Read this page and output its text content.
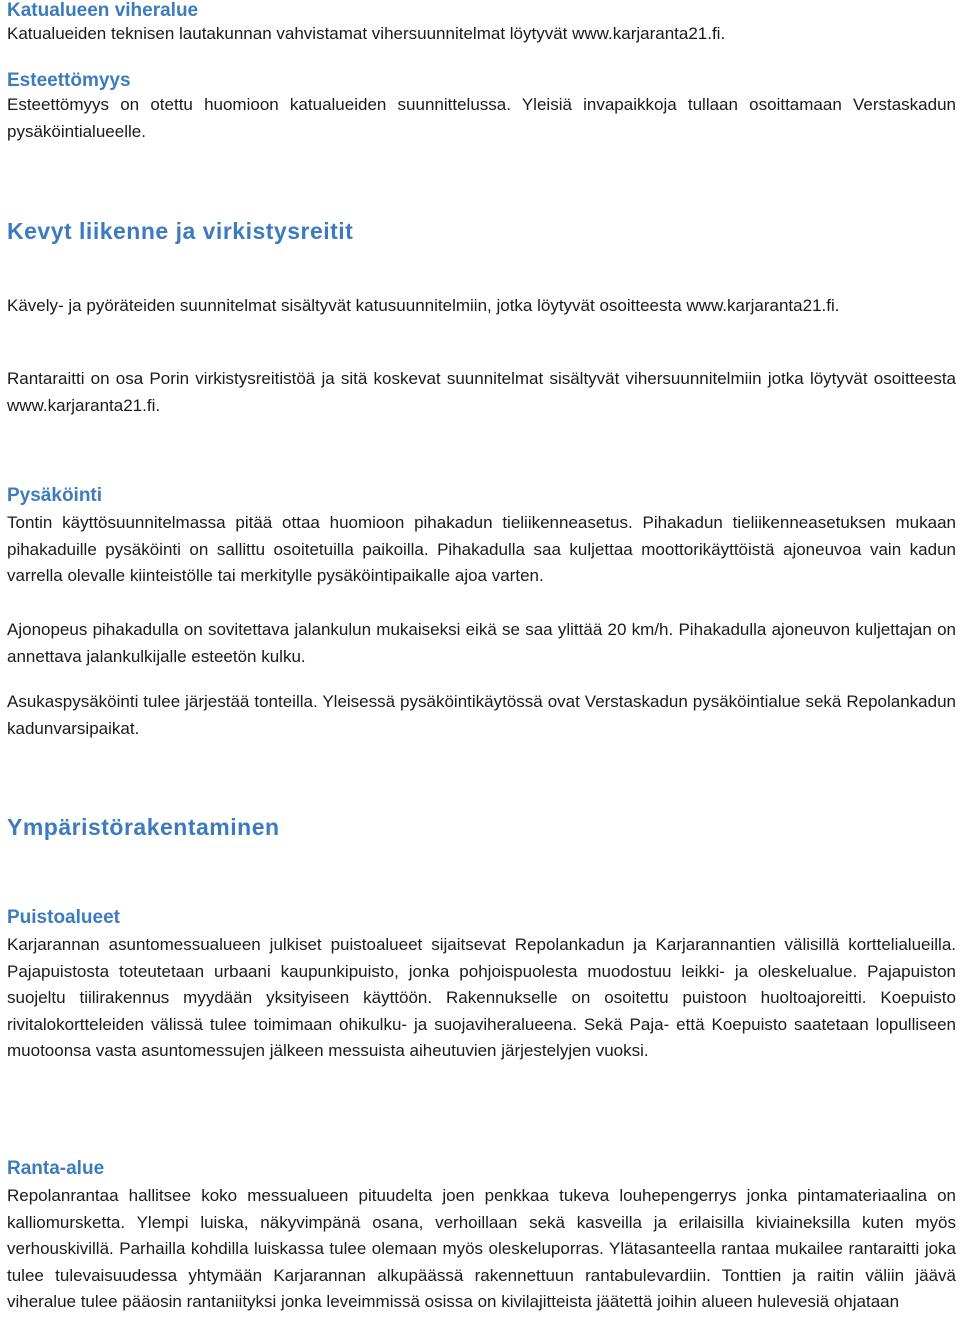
Katualueen viheralue

Katualueiden teknisen lautakunnan vahvistamat vihersuunnitelmat löytyvät www.karjaranta21.fi.

Esteettömyys

Esteettömyys on otettu huomioon katualueiden suunnittelussa. Yleisiä invapaikkoja tullaan osoittamaan Verstaskadun pysäköintialueelle.

Kevyt liikenne ja virkistysreitit

Kävely- ja pyöräteiden suunnitelmat sisältyvät katusuunnitelmiin, jotka löytyvät osoitteesta www.karjaranta21.fi.

Rantaraitti on osa Porin virkistysreitistöä ja sitä koskevat suunnitelmat sisältyvät vihersuunnitelmiin jotka löytyvät osoitteesta www.karjaranta21.fi.

Pysäköinti

Tontin käyttösuunnitelmassa pitää ottaa huomioon pihakadun tieliikenneasetus. Pihakadun tieliikenneasetuksen mukaan pihakaduille pysäköinti on sallittu osoitetuilla paikoilla. Pihakadulla saa kuljettaa moottorikäyttöistä ajoneuvoa vain kadun varrella olevalle kiinteistölle tai merkitylle pysäköintipaikalle ajoa varten.

Ajonopeus pihakadulla on sovitettava jalankulun mukaiseksi eikä se saa ylittää 20 km/h. Pihakadulla ajoneuvon kuljettajan on annettava jalankulkijalle esteetön kulku.

Asukaspysäköinti tulee järjestää tonteilla. Yleisessä pysäköintikäytössä ovat Verstaskadun pysäköintialue sekä Repolankadun kadunvarsipaikat.

Ympäristörakentaminen
Puistoalueet

Karjarannan asuntomessualueen julkiset puistoalueet sijaitsevat Repolankadun ja Karjarannantien välisillä korttelialueilla. Pajapuistosta toteutetaan urbaani kaupunkipuisto, jonka pohjoispuolesta muodostuu leikki- ja oleskelualue. Pajapuiston suojeltu tiilirakennus myydään yksityiseen käyttöön. Rakennukselle on osoitettu puistoon huoltoajoreitti. Koepuisto rivitalokortteleiden välissä tulee toimimaan ohikulku- ja suojaviheralueena. Sekä Paja- että Koepuisto saatetaan lopulliseen muotoonsa vasta asuntomessujen jälkeen messuista aiheutuvien järjestelyjen vuoksi.

Ranta-alue

Repolanrantaa hallitsee koko messualueen pituudelta joen penkkaa tukeva louhepengerrys jonka pintamateriaalina on kalliomursketta. Ylempi luiska, näkyvimpänä osana, verhoillaan sekä kasveilla ja erilaisilla kiviaineksilla kuten myös verhouskivillä. Parhailla kohdilla luiskassa tulee olemaan myös oleskeluporras. Ylätasanteella rantaa mukailee rantaraitti joka tulee tulevaisuudessa yhtymään Karjarannan alkupäässä rakennettuun rantabulevardiin. Tonttien ja raitin väliin jäävä viheralue tulee pääosin rantaniityksi jonka leveimmissä osissa on kivilajitteista jäätettä joihin alueen hulevesiä ohjataan
